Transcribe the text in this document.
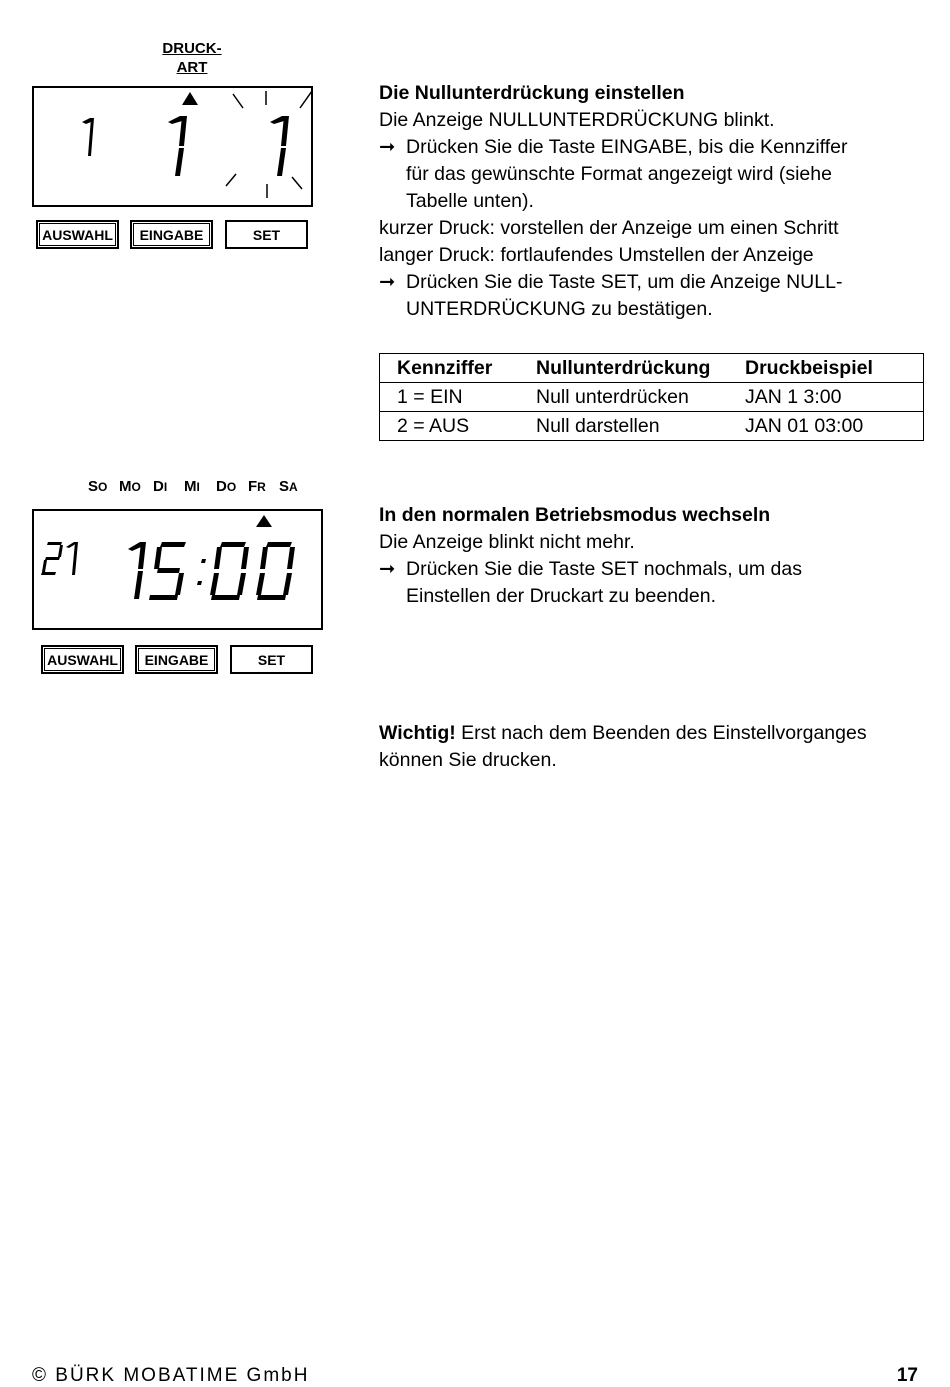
DRUCK-
ART
AUSWAHL EINGABE	SET
SO MO DI MI DO FR SA
AUSWAHL EINGABE	SET

Die Nullunterdrückung einstellen

Die Anzeige NULLUNTERDRÜCKUNG blinkt.

➞ Drücken Sie die Taste EINGABE, bis die Kennziffer

für das gewünschte Format angezeigt wird (siehe

Tabelle unten).

kurzer Druck: vorstellen der Anzeige um einen Schritt

langer Druck: fortlaufendes Umstellen der Anzeige

➞ Drücken Sie die Taste SET, um die Anzeige NULL-

UNTERDRÜCKUNG zu bestätigen.

Kennziffer	Nullunterdrückung	Druckbeispiel
1 = EIN	Null unterdrücken	JAN 1 3:00
2 = AUS	Null darstellen	JAN 01 03:00

In den normalen Betriebsmodus wechseln

Die Anzeige blinkt nicht mehr.

➞ Drücken Sie die Taste SET nochmals, um das

Einstellen der Druckart zu beenden.

Wichtig! Erst nach dem Beenden des Einstellvorganges

können Sie drucken.

© BÜRK MOBATIME GmbH	17
